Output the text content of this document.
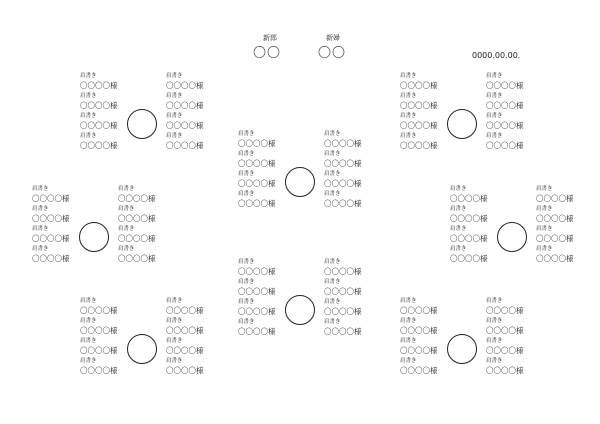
新郎
〇〇
新婦
〇〇	0000.00.00.
肩書き
〇〇〇〇様
肩書き
〇〇〇〇様
肩書き
〇〇〇〇様
肩書き
〇〇〇〇様
肩書き
〇〇〇〇様
肩書き
〇〇〇〇様
肩書き
〇〇〇〇様
肩書き
〇〇〇〇様
肩書き
〇〇〇〇様
肩書き
〇〇〇〇様
肩書き
〇〇〇〇様
肩書き
〇〇〇〇様
肩書き
〇〇〇〇様
肩書き
〇〇〇〇様
肩書き
〇〇〇〇様
肩書き
〇〇〇〇様
肩書き
〇〇〇〇様
肩書き
〇〇〇〇様
肩書き
〇〇〇〇様
肩書き
〇〇〇〇様
肩書き
〇〇〇〇様
肩書き
〇〇〇〇様
肩書き
〇〇〇〇様
肩書き
〇〇〇〇様
肩書き
〇〇〇〇様
肩書き
〇〇〇〇様
肩書き
〇〇〇〇様
肩書き
〇〇〇〇様
肩書き
〇〇〇〇様
肩書き
〇〇〇〇様
肩書き
〇〇〇〇様
肩書き
〇〇〇〇様
肩書き
〇〇〇〇様
肩書き
〇〇〇〇様
肩書き
〇〇〇〇様
肩書き
〇〇〇〇様
肩書き
〇〇〇〇様
肩書き
〇〇〇〇様
肩書き
〇〇〇〇様
肩書き
〇〇〇〇様
肩書き
〇〇〇〇様
肩書き
〇〇〇〇様
肩書き
〇〇〇〇様
肩書き
〇〇〇〇様
肩書き
〇〇〇〇様
肩書き
〇〇〇〇様
肩書き
〇〇〇〇様
肩書き
〇〇〇〇様
肩書き
〇〇〇〇様
肩書き
〇〇〇〇様
肩書き
〇〇〇〇様
肩書き
〇〇〇〇様
肩書き
〇〇〇〇様
肩書き
〇〇〇〇様
肩書き
〇〇〇〇様
肩書き
〇〇〇〇様
肩書き
〇〇〇〇様
肩書き
〇〇〇〇様
肩書き
〇〇〇〇様
肩書き
〇〇〇〇様
肩書き
〇〇〇〇様
肩書き
〇〇〇〇様
肩書き
〇〇〇〇様
肩書き
〇〇〇〇様
